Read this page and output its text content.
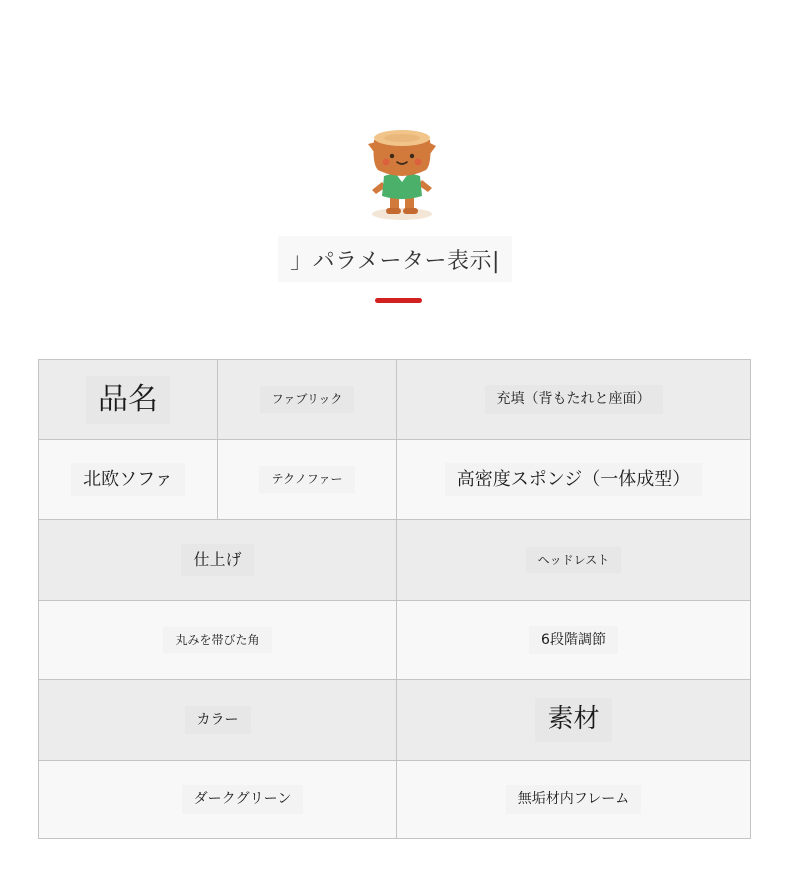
」パラメーター表示|
品名	ファブリック	充填（背もたれと座面）
北欧ソファ	テクノファー	高密度スポンジ（一体成型）
仕上げ	ヘッドレスト
丸みを帯びた角	6段階調節
カラー	素材
ダークグリーン	無垢材内フレーム
